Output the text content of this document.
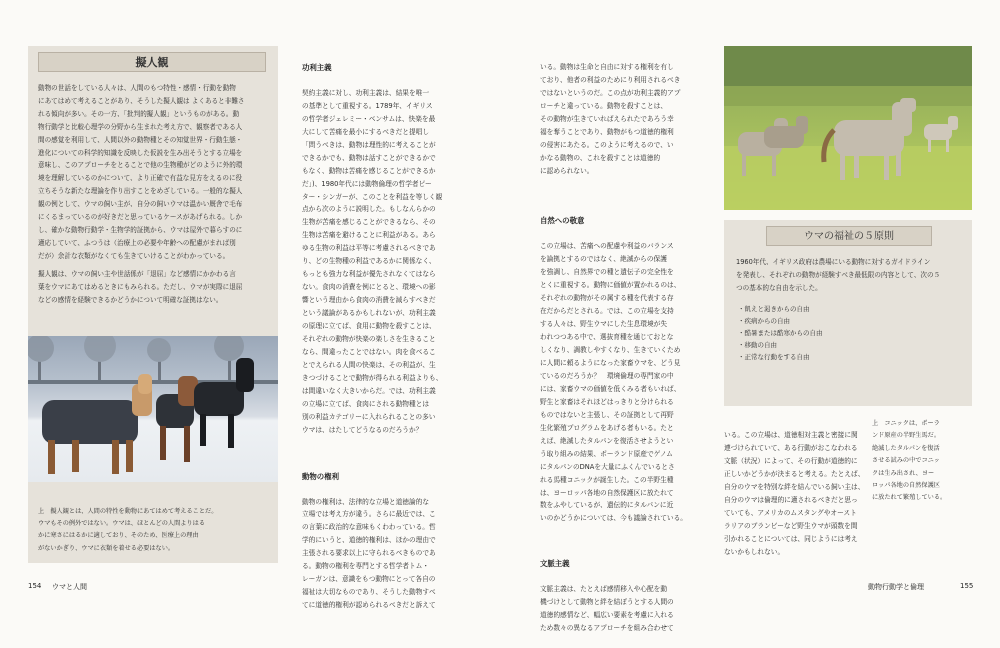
擬人観
動物の世話をしている人々は、人間のもつ特性・感情・行動を動物
にあてはめて考えることがあり、そうした擬人観は よくあると非難さ
れる傾向が多い。その一方、「批判的擬人観」というものがある。動
物行動学と比較心理学の分野から生まれた考え方で、観察者である人
間の感覚を利用して、人間以外の動物種とその知覚世界・行動生態・
進化についての科学的知識を反映した仮説を生み出そうとする立場を
意味し、このアプローチをとることで他の生物種がどのように外的環
境を理解しているのかについて、より正確で有益な見方をえるのに役
立ちそうな新たな理論を作り出すことをめざしている。一般的な擬人
観の例として、ウマの飼い主が、自分の飼いウマは温かい厩舎で毛布
にくるまっているのが好きだと思っているケースがあげられる。しか
し、確かな動物行動学・生物学的証拠から、ウマは屋外で暮らすのに
適応していて、ふつうは（治療上の必要や年齢への配慮がまれば別
だが）余計な衣類がなくても生きていけることがわかっている。
擬人観は、ウマの飼い主や世話係が「退屈」など感情にかかわる言
葉をウマにあてはめるときにもみられる。ただし、ウマが実際に退屈
などの感情を経験できるかどうかについて明確な証拠はない。
上　擬人観とは、人間の特性を動物にあてはめて考えることだ。
ウマもその例外ではない。ウマは、ほとんどの人間よりはる
かに寒さにはるかに適しており、そのため、医療上の理由
がないかぎり、ウマに衣類を着せる必要はない。

功利主義

契約主義に対し、功利主義は、結果を唯一
の基準として重視する。1789年、イギリス
の哲学者ジェレミー・ベンサムは、快楽を最
大にして苦痛を最小にするべきだと提唱し
「問うべきは、動物は理性的に考えることが
できるかでも、動物は話すことができるかで
もなく、動物は苦痛を感じることができるか
だ」)、1980年代には動物倫理の哲学者ピー
ター・シンガーが、このことを利益を等しく観
点から次のように説明した。もしなんらかの
生物が苦痛を感じることができるなら、その
生物は苦痛を避けることに利益がある。あら
ゆる生物の利益は平等に考慮されるべきであ
り、どの生物種の利益であるかに関係なく、
もっとも強力な利益が優先されなくてはなら
ない。食肉の消費を例にとると、環境への影
響という理由から食肉の消費を減らすべきだ
という議論があるかもしれないが、功利主義
の原理に立てば、食用に動物を殺すことは、
それぞれの動物が快楽の楽しさを生きること
なら、間違ったことではない。肉を食べるこ
とでえられる人間の快楽は、その利益が、生
きつづけることで動物が得られる利益よりも、
は間違いなく大きいからだ。では、功利主義
の立場に立てば、食肉にされる動物種とは
別の利益カテゴリーに入れられることの多い
ウマは、はたしてどうなるのだろうか？

動物の権利

動物の権利は、法律的な立場と道徳論的な
立場では考え方が違う。さらに最近では、こ
の言葉に政治的な意味もくわわっている。哲
学的にいうと、道徳的権利は、ほかの理由で
主張される要求以上に守られるべきものであ
る。動物の権利を専門とする哲学者トム・
レーガンは、意識をもつ動物にとって各自の
福祉は大切なものであり、そうした動物すべ
てに道徳的権利が認められるべきだと訴えて

いる。動物は生命と自由に対する権利を有し
ており、他者の利益のためにり利用されるべき
ではないというのだ。この点が功利主義的アプ
ローチと違っている。動物を殺すことは、
その動物が生きていればえられたであろう幸
福を奪うことであり、動物がもつ道徳的権利
の侵害にあたる。このように考えるので、い
かなる動物の、これを殺すことは道徳的
に認められない。

自然への敬意

この立場は、苦痛への配慮や利益のバランス
を論拠とするのではなく、絶滅からの保護
を強調し、自然界での種と遺伝子の完全性を
とくに重視する。動物に価値が置かれるのは、
それぞれの動物がその属する種を代表する存
在だからだとされる。では、この立場を支持
する人々は、野生ウマにした生息環境が失
われつつある中で、選抜育種を通じておとな
しくなり、調教しやすくなり、生きていくため
に人間に頼るようになった家畜ウマを、どう見
ているのだろうか？　環境倫理の専門家の中
には、家畜ウマの価値を低くみる者もいれば、
野生と家畜はそれほどはっきりと分けられる
ものではないと主張し、その証拠として再野
生化繁殖プログラムをあげる者もいる。たと
えば、絶滅したタルパンを復活させようとい
う取り組みの結果、ポーランド原産でゲノム
にタルパンのDNAを大量にふくんでいるとさ
れる馬種コニックが誕生した。この半野生種
は、ヨーロッパ各地の自然保護区に放たれて
数をふやしているが、遺伝的にタルパンに近
いのかどうかについては、今も議論されている。

文脈主義

文脈主義は、たとえば感情移入や心配を動
機づけとして動物と絆を結ぼうとする人間の
道徳的感情など、幅広い要素を考慮に入れる
ため数々の異なるアプローチを組み合わせて

ウマの福祉の５原則
1960年代、イギリス政府は農場にいる動物に対するガイドライン
を発表し、それぞれの動物が経験すべき最低限の内容として、次の５
つの基本的な自由を示した。
・飢えと渇きからの自由
・疾病からの自由
・酷暑または酷寒からの自由
・移動の自由
・正常な行動をする自由

いる。この立場は、道徳相対主義と密接に関
連づけられていて、ある行動がおこなわれる
文脈（状況）によって、その行動が道徳的に
正しいかどうかが決まると考える。たとえば、
自分のウマを特別な絆を結んでいる飼い主は、
自分のウマは倫理的に適されるべきだと思っ
ていても、アメリカのムスタングやオースト
ラリアのブランビーなど野生ウマが頭数を間
引かれることについては、同じようには考え
ないかもしれない。

上　コニックは、ポーラ
ンド原産の半野生馬だ。
絶滅したタルパンを復活
させる試みの中でコニッ
クは生み出され、ヨー
ロッパ各地の自然保護区
に放たれて繁殖している。
154 ウマと人間	動物行動学と倫理	155
